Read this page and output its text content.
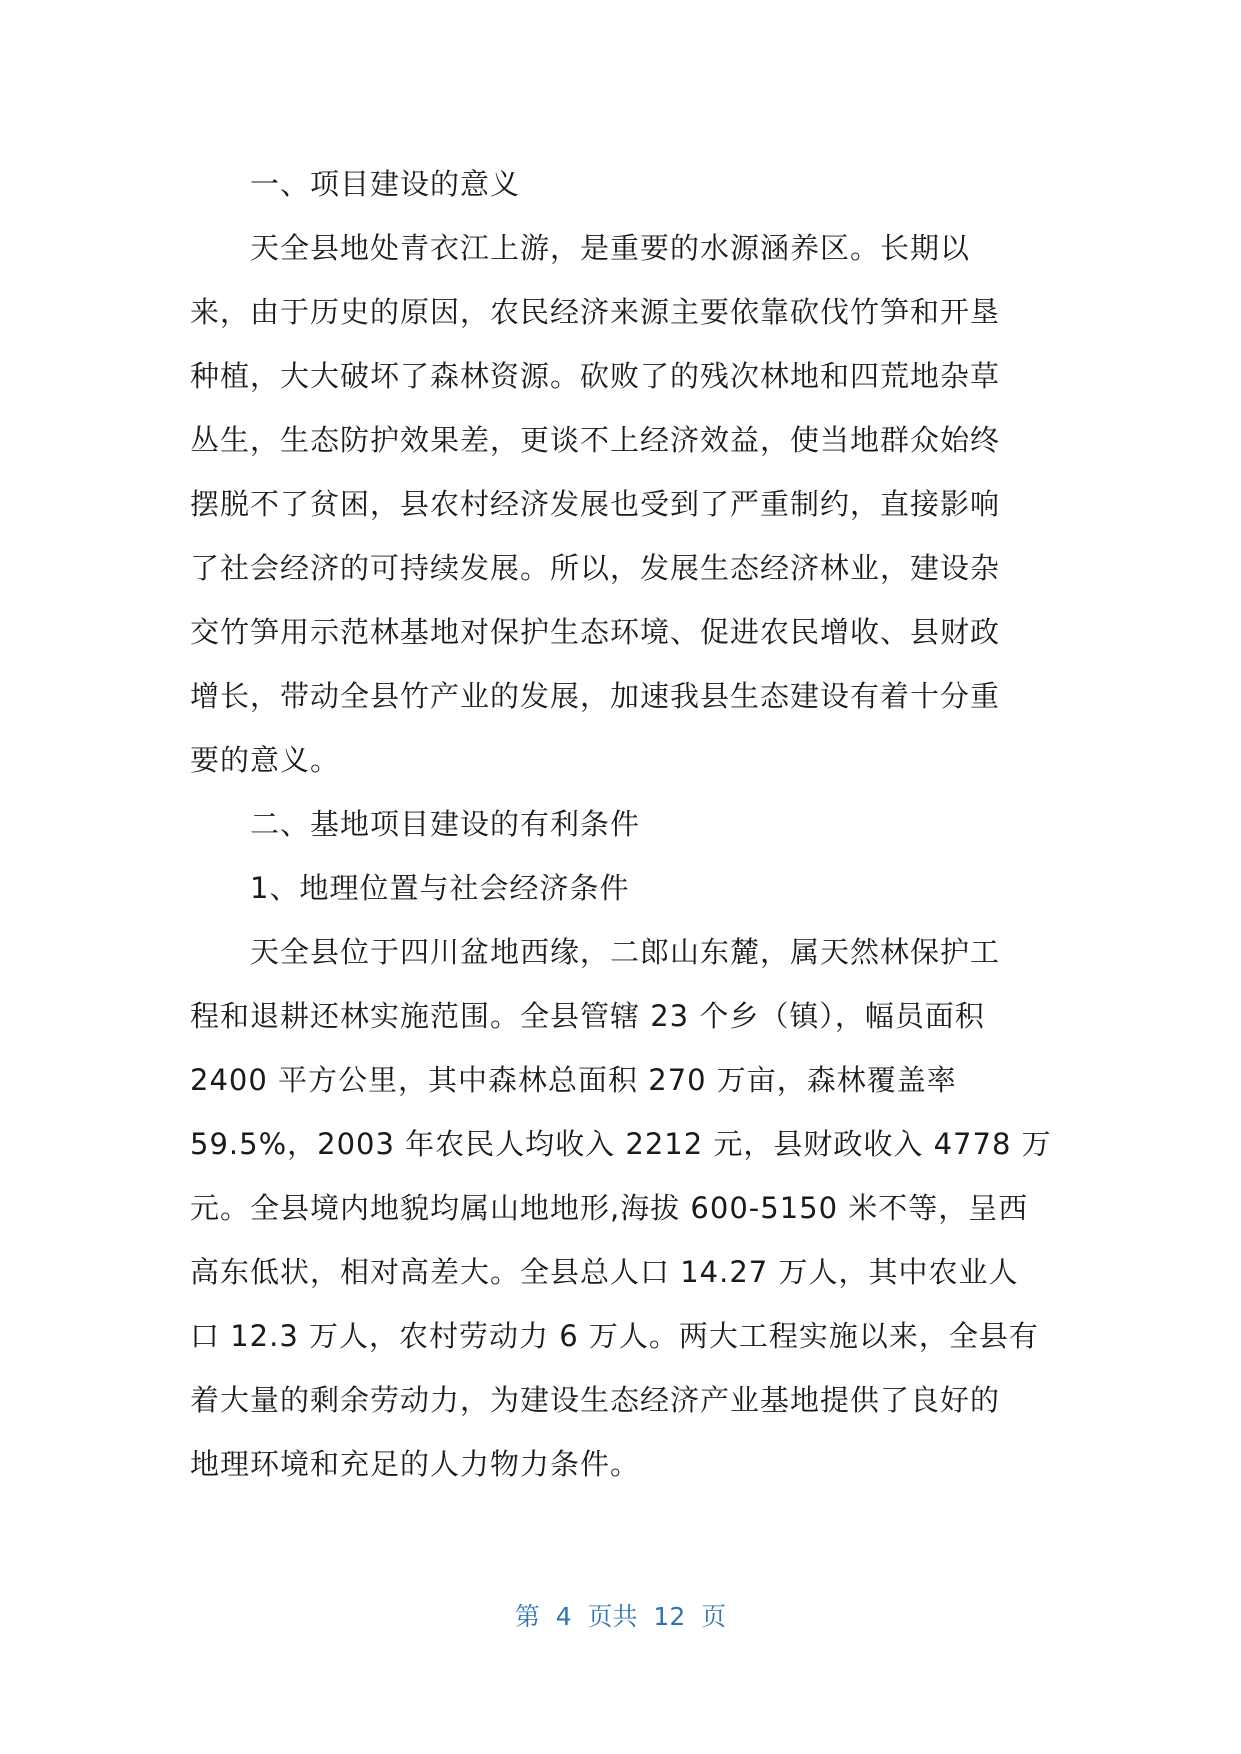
　　一、项目建设的意义
　　天全县地处青衣江上游，是重要的水源涵养区。长期以
来，由于历史的原因，农民经济来源主要依靠砍伐竹笋和开垦
种植，大大破坏了森林资源。砍败了的残次林地和四荒地杂草
丛生，生态防护效果差，更谈不上经济效益，使当地群众始终
摆脱不了贫困，县农村经济发展也受到了严重制约，直接影响
了社会经济的可持续发展。所以，发展生态经济林业，建设杂
交竹笋用示范林基地对保护生态环境、促进农民增收、县财政
增长，带动全县竹产业的发展，加速我县生态建设有着十分重
要的意义。
　　二、基地项目建设的有利条件
　　1、地理位置与社会经济条件
　　天全县位于四川盆地西缘，二郎山东麓，属天然林保护工
程和退耕还林实施范围。全县管辖 23 个乡（镇），幅员面积
2400 平方公里，其中森林总面积 270 万亩，森林覆盖率
59.5%，2003 年农民人均收入 2212 元，县财政收入 4778 万
元。全县境内地貌均属山地地形,海拔 600-5150 米不等，呈西
高东低状，相对高差大。全县总人口 14.27 万人，其中农业人
口 12.3 万人，农村劳动力 6 万人。两大工程实施以来，全县有
着大量的剩余劳动力，为建设生态经济产业基地提供了良好的
地理环境和充足的人力物力条件。
第  4  页共  12  页
